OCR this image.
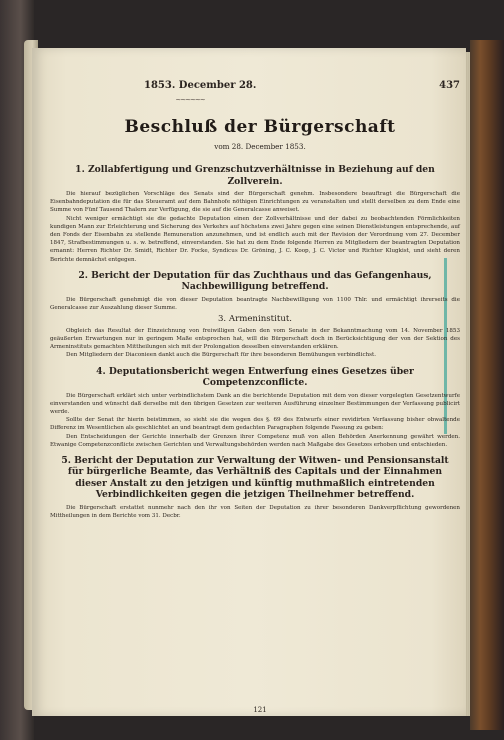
1853. December 28.	437
~~~~~~
Beschluß der Bürgerschaft
vom 28. December 1853.
1. Zollabfertigung und Grenzschutzverhältnisse in Beziehung auf den Zollverein.

Die hierauf bezüglichen Vorschläge des Senats sind der Bürgerschaft genehm. Insbesondere beauftragt die Bürgerschaft die Eisenbahndeputation die für das Steueramt auf dem Bahnhofe nöthigen Einrichtungen zu veranstalten und stellt derselben zu dem Ende eine Summe von Fünf Tausend Thalern zur Verfügung, die sie auf die Generalcasse anweiset.

Nicht weniger ermächtigt sie die gedachte Deputation einen der Zollverhältnisse und der dabei zu beobachtenden Förmlichkeiten kundigen Mann zur Erleichterung und Sicherung des Verkehrs auf höchstens zwei Jahre gegen eine seinen Dienstleistungen entsprechende, auf den Fonds der Eisenbahn zu stellende Remuneration anzunehmen, und ist endlich auch mit der Revision der Verordnung vom 27. December 1847, Strafbestimmungen u. s. w. betreffend, einverstanden. Sie hat zu dem Ende folgende Herren zu Mitgliedern der beantragten Deputation ernannt: Herren Richter Dr. Smidt, Richter Dr. Focke, Syndicus Dr. Gröning, J. C. Koop, J. C. Victor und Richter Klugkist, und sieht deren Berichte demnächst entgegen.

2. Bericht der Deputation für das Zuchthaus und das Gefangenhaus, Nachbewilligung betreffend.

Die Bürgerschaft genehmigt die von dieser Deputation beantragte Nachbewilligung von 1100 Thlr. und ermächtigt ihrerseits die Generalcasse zur Auszahlung dieser Summe.

3. Armeninstitut.

Obgleich das Resultat der Einzeichnung von freiwilligen Gaben den vom Senate in der Bekanntmachung vom 14. November 1853 geäußerten Erwartungen nur in geringem Maße entsprochen hat, will die Bürgerschaft doch in Berücksichtigung der von der Sektion des Armeninstituts gemachten Mittheilungen sich mit der Prolongation desselben einverstanden erklären.

Den Mitgliedern der Diaconieen dankt auch die Bürgerschaft für ihre besonderen Bemühungen verbindlichst.

4. Deputationsbericht wegen Entwerfung eines Gesetzes über Competenzconflicte.

Die Bürgerschaft erklärt sich unter verbindlichstem Dank an die berichtende Deputation mit dem von dieser vorgelegten Gesetzentwurfe einverstanden und wünscht daß derselbe mit den übrigen Gesetzen zur weiteren Ausführung einzelner Bestimmungen der Verfassung publicirt werde.

Sollte der Senat ihr hierin beistimmen, so sieht sie die wegen des §. 69 des Entwurfs einer revidirten Verfassung bisher obwaltende Differenz im Wesentlichen als geschlichtet an und beantragt dem gedachten Paragraphen folgende Fassung zu geben:

Den Entscheidungen der Gerichte innerhalb der Grenzen ihrer Competenz muß von allen Behörden Anerkennung gewährt werden. Etwanige Competenzconflicte zwischen Gerichten und Verwaltungsbehörden werden nach Maßgabe des Gesetzes erhoben und entschieden.

5. Bericht der Deputation zur Verwaltung der Witwen- und Pensionsanstalt für bürgerliche Beamte, das Verhältniß des Capitals und der Einnahmen dieser Anstalt zu den jetzigen und künftig muthmaßlich eintretenden Verbindlichkeiten gegen die jetzigen Theilnehmer betreffend.

Die Bürgerschaft erstattet nunmehr nach den ihr von Seiten der Deputation zu ihrer besonderen Dankverpflichtung gewordenen Mittheilungen in dem Berichte vom 31. Decbr.

121
